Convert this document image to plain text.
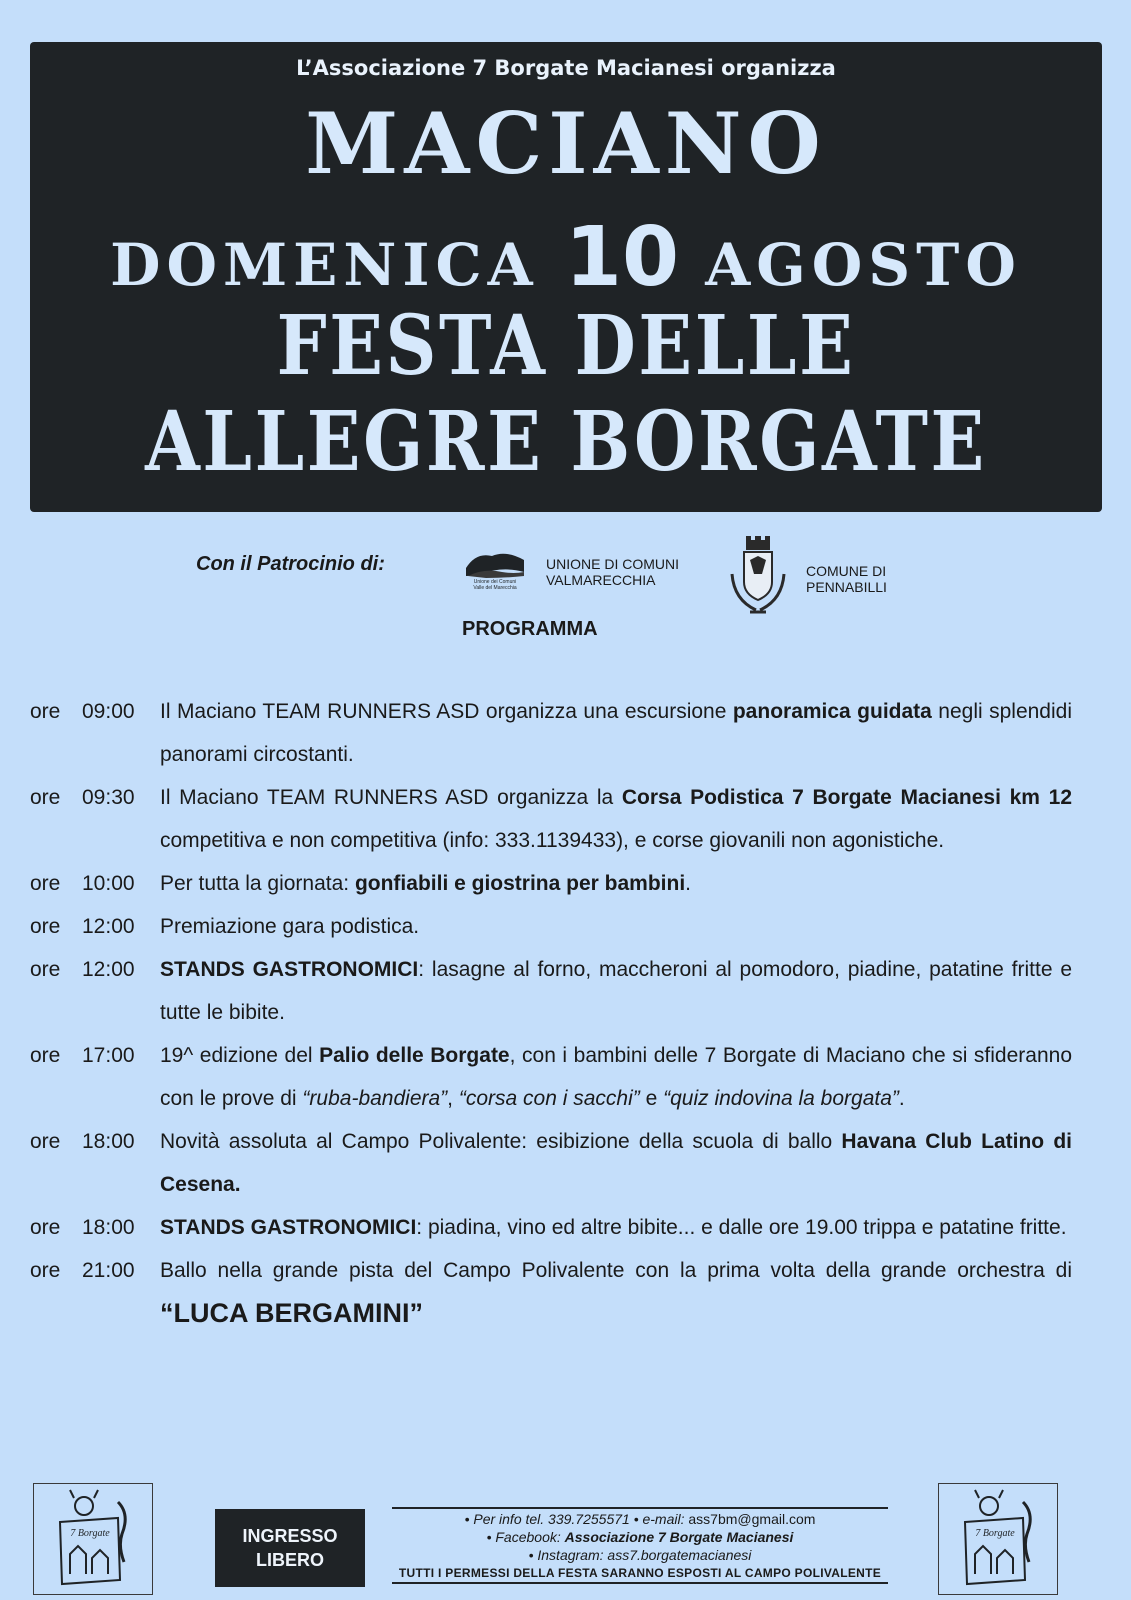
L’Associazione 7 Borgate Macianesi organizza
MACIANO
DOMENICA 10 AGOSTO
FESTA DELLE
ALLEGRE BORGATE
Con il Patrocinio di:
Unione dei Comuni
Valle del Marecchia
UNIONE DI COMUNI
VALMARECCHIA
COMUNE DI
PENNABILLI
PROGRAMMA
ore	09:00	Il Maciano TEAM RUNNERS ASD organizza una escursione panoramica guidata negli splendidi panorami circostanti.
ore	09:30	Il Maciano TEAM RUNNERS ASD organizza la Corsa Podistica 7 Borgate Macianesi km 12 competitiva e non competitiva (info: 333.1139433), e corse giovanili non agonistiche.
ore	10:00	Per tutta la giornata: gonfiabili e giostrina per bambini.
ore	12:00	Premiazione gara podistica.
ore	12:00	STANDS GASTRONOMICI: lasagne al forno, maccheroni al pomodoro, piadine, patatine fritte e tutte le bibite.
ore	17:00	19^ edizione del Palio delle Borgate, con i bambini delle 7 Borgate di Maciano che si sfideranno con le prove di “ruba-bandiera”, “corsa con i sacchi” e “quiz indovina la borgata”.
ore	18:00	Novità assoluta al Campo Polivalente: esibizione della scuola di ballo Havana Club Latino di Cesena.
ore	18:00	STANDS GASTRONOMICI: piadina, vino ed altre bibite... e dalle ore 19.00 trippa e patatine fritte.
ore	21:00	Ballo nella grande pista del Campo Polivalente con la prima volta della grande orchestra di “LUCA BERGAMINI”
7 Borgate	INGRESSO
LIBERO
• Per info tel. 339.7255571 • e-mail: ass7bm@gmail.com
• Facebook: Associazione 7 Borgate Macianesi
• Instagram: ass7.borgatemacianesi
TUTTI I PERMESSI DELLA FESTA SARANNO ESPOSTI AL CAMPO POLIVALENTE
7 Borgate
